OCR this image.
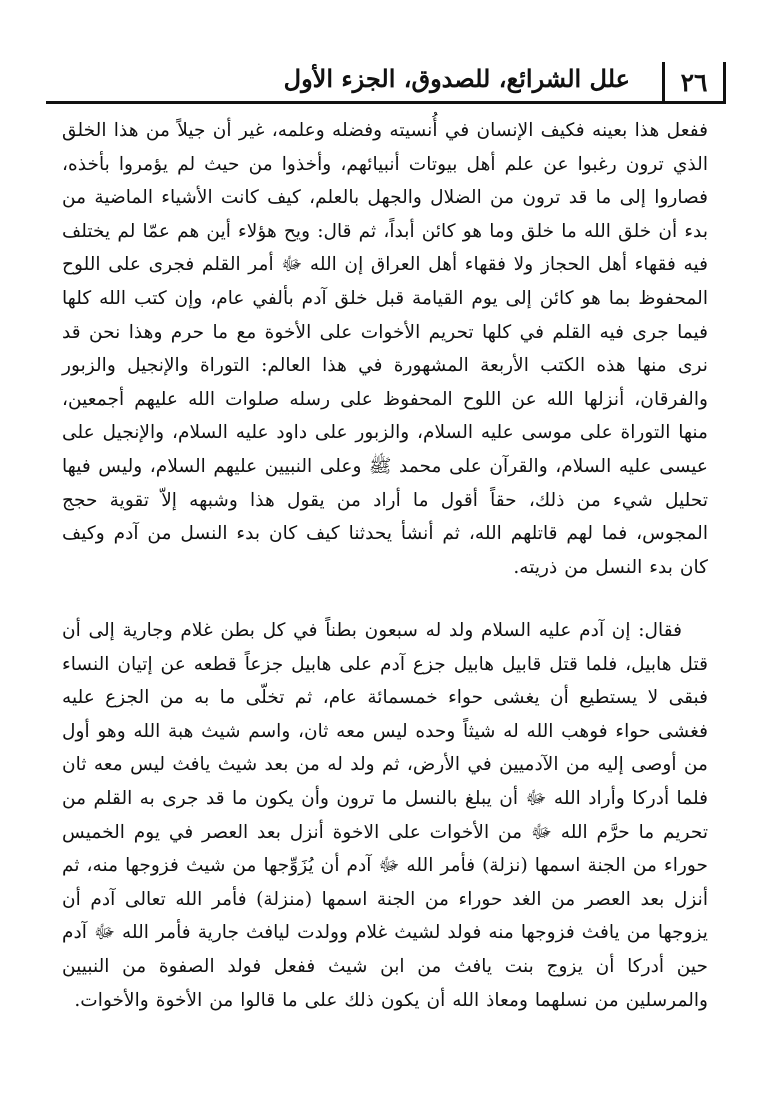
٢٦
علل الشرائع، للصدوق، الجزء الأول

ففعل هذا بعينه فكيف الإنسان في أُنسيته وفضله وعلمه، غير أن جيلاً من هذا الخلق الذي ترون رغبوا عن علم أهل بيوتات أنبيائهم، وأخذوا من حيث لم يؤمروا بأخذه، فصاروا إلى ما قد ترون من الضلال والجهل بالعلم، كيف كانت الأشياء الماضية من بدء أن خلق الله ما خلق وما هو كائن أبداً، ثم قال: ويح هؤلاء أين هم عمّا لم يختلف فيه فقهاء أهل الحجاز ولا فقهاء أهل العراق إن الله ﷻ أمر القلم فجرى على اللوح المحفوظ بما هو كائن إلى يوم القيامة قبل خلق آدم بألفي عام، وإن كتب الله كلها فيما جرى فيه القلم في كلها تحريم الأخوات على الأخوة مع ما حرم وهذا نحن قد نرى منها هذه الكتب الأربعة المشهورة في هذا العالم: التوراة والإنجيل والزبور والفرقان، أنزلها الله عن اللوح المحفوظ على رسله صلوات الله عليهم أجمعين، منها التوراة على موسى عليه السلام، والزبور على داود عليه السلام، والإنجيل على عيسى عليه السلام، والقرآن على محمد ﷺ وعلى النبيين عليهم السلام، وليس فيها تحليل شيء من ذلك، حقاً أقول ما أراد من يقول هذا وشبهه إلاّ تقوية حجج المجوس، فما لهم قاتلهم الله، ثم أنشأ يحدثنا كيف كان بدء النسل من آدم وكيف كان بدء النسل من ذريته.

فقال: إن آدم عليه السلام ولد له سبعون بطناً في كل بطن غلام وجارية إلى أن قتل هابيل، فلما قتل قابيل هابيل جزع آدم على هابيل جزعاً قطعه عن إتيان النساء فبقى لا يستطيع أن يغشى حواء خمسمائة عام، ثم تخلّى ما به من الجزع عليه فغشى حواء فوهب الله له شيثاً وحده ليس معه ثان، واسم شيث هبة الله وهو أول من أوصى إليه من الآدميين في الأرض، ثم ولد له من بعد شيث يافث ليس معه ثان فلما أدركا وأراد الله ﷻ أن يبلغ بالنسل ما ترون وأن يكون ما قد جرى به القلم من تحريم ما حرَّم الله ﷻ من الأخوات على الاخوة أنزل بعد العصر في يوم الخميس حوراء من الجنة اسمها (نزلة) فأمر الله ﷻ آدم أن يُزَوِّجها من شيث فزوجها منه، ثم أنزل بعد العصر من الغد حوراء من الجنة اسمها (منزلة) فأمر الله تعالى آدم أن يزوجها من يافث فزوجها منه فولد لشيث غلام وولدت ليافث جارية فأمر الله ﷻ آدم حين أدركا أن يزوج بنت يافث من ابن شيث ففعل فولد الصفوة من النبيين والمرسلين من نسلهما ومعاذ الله أن يكون ذلك على ما قالوا من الأخوة والأخوات.
